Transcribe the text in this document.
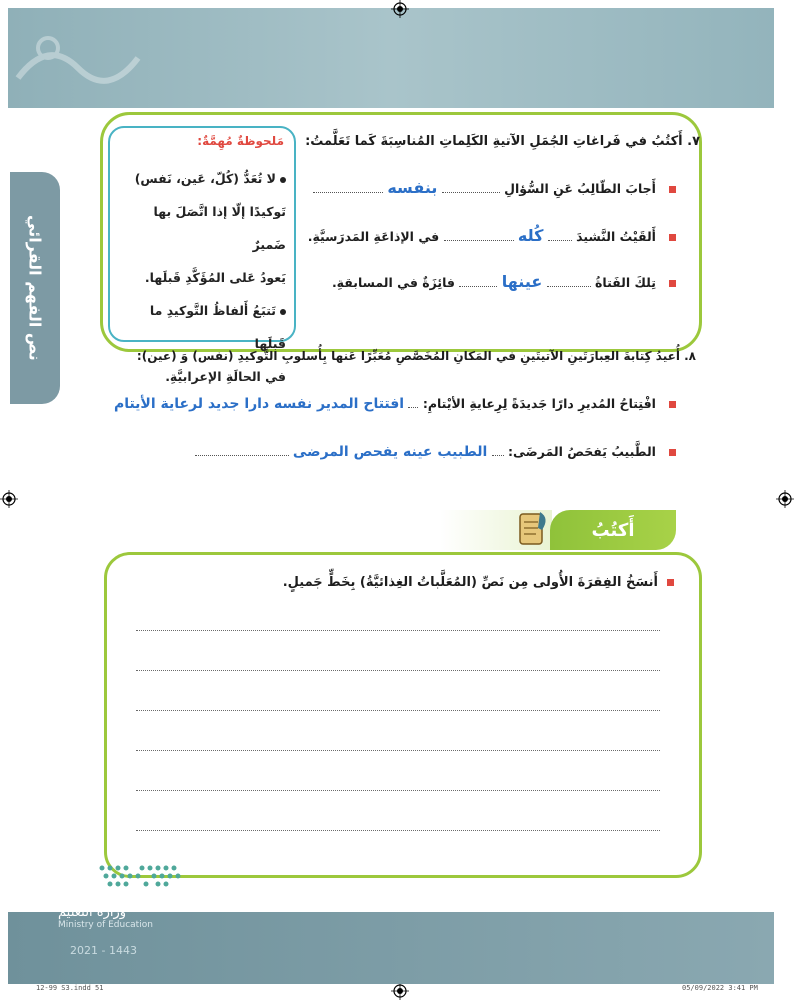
نص الفهم القرائي
مَلحوظةٌ مُهِمَّةٌ:
لا تُعَدُّ (كُلّ، عَين، نَفس)
تَوكيدًا إلّا إذا اتَّصَلَ بها ضَميرٌ
يَعودُ عَلى المُؤَكَّدِ قَبلَها.
تَتبَعُ أَلفاظُ التَّوكيدِ ما قَبلَها
في الحالَةِ الإعرابيَّةِ.
٧. أَكتُبُ في فَراغاتِ الجُمَلِ الآتيةِ الكَلِماتِ المُناسِبَةَ كَما تَعَلَّمتُ:
أَجابَ الطّالِبُ عَنِ السُّؤالِ  بنفسه
أَلقَيْتُ النَّشيدَ  كُله  في الإذاعَةِ المَدرَسيَّةِ.
تِلكَ الفَتاةُ  عينها  فائِزَةٌ في المسابقةِ.
٨. أُعيدُ كِتابةَ العِبارَتَينِ الآتيتَينِ في المَكانِ المُخَصَّصِ مُعَبِّرًا عَنها بِأُسلوبِ التَّوكيدِ (نفس) وَ (عين):
افْتِتاحُ المُديرِ دارًا جَديدَةً لِرِعايةِ الأيْتامِ:  افتتاح المدير نفسه دارا جديد لرعاية الأيتام
الطَّبيبُ يَفحَصُ المَرضَى:  الطبيب عينه يفحص المرضى
أَكتُبُ
أَنسَخُ الفِقرَةَ الأُولى مِن نَصِّ (المُعَلَّباتُ الغِذائيَّةُ) بِخَطٍّ جَميلٍ.
وزارة التعليم
Ministry of Education
2021 - 1443
12-99 S3.indd 51	05/09/2022 3:41 PM
